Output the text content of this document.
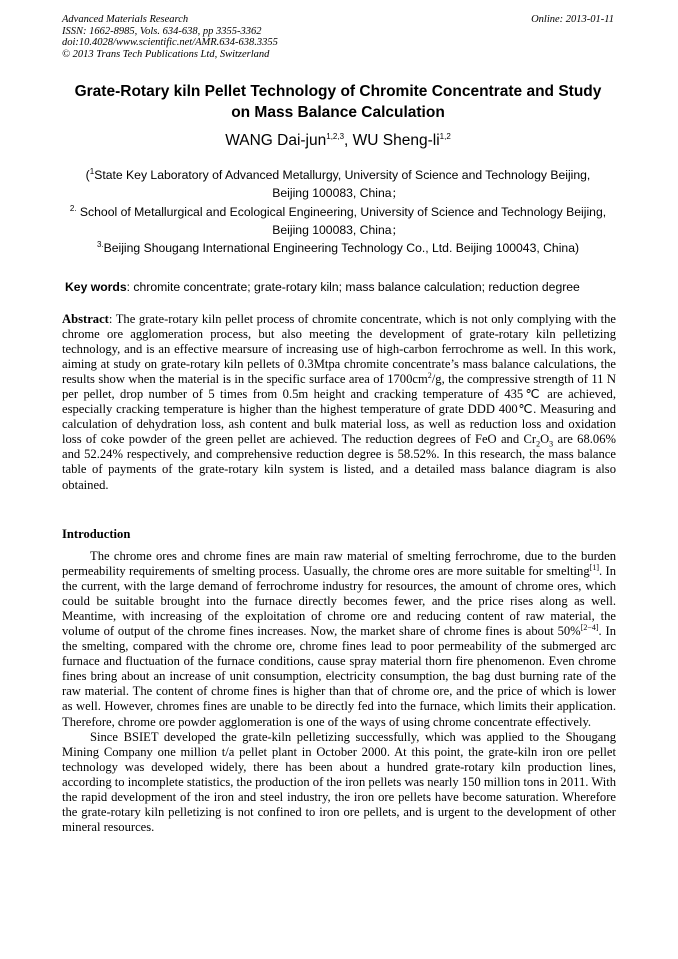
Advanced Materials Research
ISSN: 1662-8985, Vols. 634-638, pp 3355-3362
doi:10.4028/www.scientific.net/AMR.634-638.3355
© 2013 Trans Tech Publications Ltd, Switzerland
Online: 2013-01-11
Grate-Rotary kiln Pellet Technology of Chromite Concentrate and Study
on Mass Balance Calculation
WANG Dai-jun$^{1,2,3}$, WU Sheng-li$^{1,2}$
($^1$State Key Laboratory of Advanced Metallurgy, University of Science and Technology Beijing,
Beijing 100083, China；
$^{2.}$ School of Metallurgical and Ecological Engineering, University of Science and Technology Beijing,
Beijing 100083, China；
$^{3.}$Beijing Shougang International Engineering Technology Co., Ltd. Beijing 100043, China)
Key words: chromite concentrate; grate-rotary kiln; mass balance calculation; reduction degree
Abstract: The grate-rotary kiln pellet process of chromite concentrate, which is not only complying with the chrome ore agglomeration process, but also meeting the development of grate-rotary kiln pelletizing technology, and is an effective mearsure of increasing use of high-carbon ferrochrome as well. In this work, aiming at study on grate-rotary kiln pellets of 0.3Mtpa chromite concentrate’s mass balance calculations, the results show when the material is in the specific surface area of $1700cm^2/g$, the compressive strength of 11 N per pellet, drop number of 5 times from 0.5m height and cracking temperature of 435℃ are achieved, especially cracking temperature is higher than the highest temperature of grate DDD 400℃. Measuring and calculation of dehydration loss, ash content and bulk material loss, as well as reduction loss and oxidation loss of coke powder of the green pellet are achieved. The reduction degrees of FeO and $Cr_2O_3$ are 68.06% and 52.24% respectively, and comprehensive reduction degree is 58.52%. In this research, the mass balance table of payments of the grate-rotary kiln system is listed, and a detailed mass balance diagram is also obtained.
Introduction

The chrome ores and chrome fines are main raw material of smelting ferrochrome, due to the burden permeability requirements of smelting process. Uasually, the chrome ores are more suitable for smelting[1]. In the current, with the large demand of ferrochrome industry for resources, the amount of chrome ores, which could be suitable brought into the furnace directly becomes fewer, and the price rises along as well. Meantime, with increasing of the exploitation of chrome ore and reducing content of raw material, the volume of output of the chrome fines increases. Now, the market share of chrome fines is about 50%[2−4]. In the smelting, compared with the chrome ore, chrome fines lead to poor permeability of the submerged arc furnace and fluctuation of the furnace conditions, cause spray material thorn fire phenomenon. Even chrome fines bring about an increase of unit consumption, electricity consumption, the bag dust burning rate of the raw material. The content of chrome fines is higher than that of chrome ore, and the price of which is lower as well. However, chromes fines are unable to be directly fed into the furnace, which limits their application. Therefore, chrome ore powder agglomeration is one of the ways of using chrome concentrate effectively.

Since BSIET developed the grate-kiln pelletizing successfully, which was applied to the Shougang Mining Company one million t/a pellet plant in October 2000. At this point, the grate-kiln iron ore pellet technology was developed widely, there has been about a hundred grate-rotary kiln production lines, according to incomplete statistics, the production of the iron pellets was nearly 150 million tons in 2011. With the rapid development of the iron and steel industry, the iron ore pellets have become saturation. Wherefore the grate-rotary kiln pelletizing is not confined to iron ore pellets, and is urgent to the development of other mineral resources.
